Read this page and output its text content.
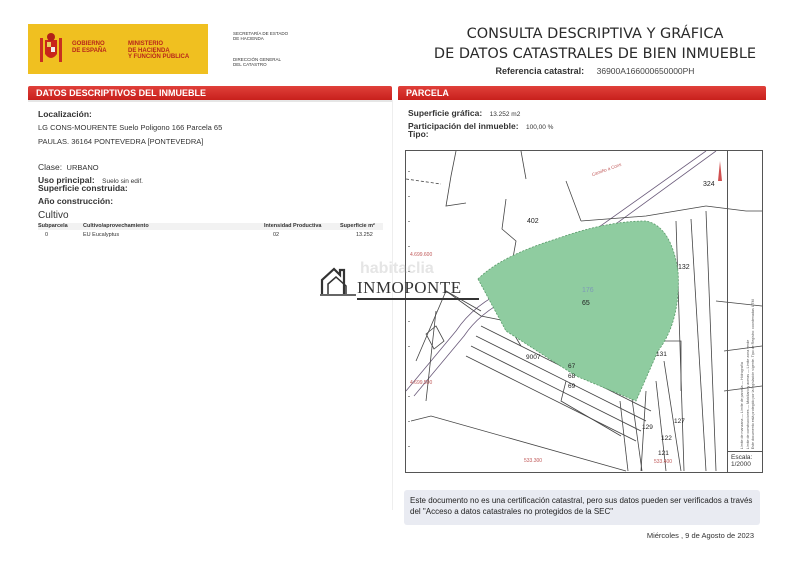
GOBIERNO
DE ESPAÑA
MINISTERIO
DE HACIENDA
Y FUNCIÓN PÚBLICA
SECRETARÍA DE ESTADO
DE HACIENDA
DIRECCIÓN GENERAL
DEL CATASTRO
CONSULTA DESCRIPTIVA Y GRÁFICA
DE DATOS CATASTRALES DE BIEN INMUEBLE
Referencia catastral: 36900A166000650000PH
DATOS DESCRIPTIVOS DEL INMUEBLE
Localización:
LG CONS-MOURENTE Suelo Poligono 166 Parcela 65
PAULAS. 36164 PONTEVEDRA [PONTEVEDRA]
Clase: URBANO
Uso principal: Suelo sin edif.
Superficie construida:
Año construcción:
Cultivo
Subparcela	Cultivo/aprovechamiento	Intensidad Productiva	Superficie m²
0	EU Eucalyptus	02	13.252
PARCELA
Superficie gráfica: 13.252 m2
Participación del inmueble: 100,00 %
Tipo:
402
324
132
176
65
9007
67
68
69
131
127
129
122
121
4.699.600
4.699.500
533.300	533.400
Camiño a Cons
Límite de manzana — Límite de parcela — Hidrografía Límite de construcciones — Mobiliario y aceras — Límite zona verde Este documento está protegido por la legislación vigente. Tipo de Registro: coordenadas UTM
Escala:
1/2000
habitaclia
INMOPONTE
Este documento no es una certificación catastral, pero sus datos pueden ser verificados a través del "Acceso a datos catastrales no protegidos de la SEC"
Miércoles , 9 de Agosto de 2023
